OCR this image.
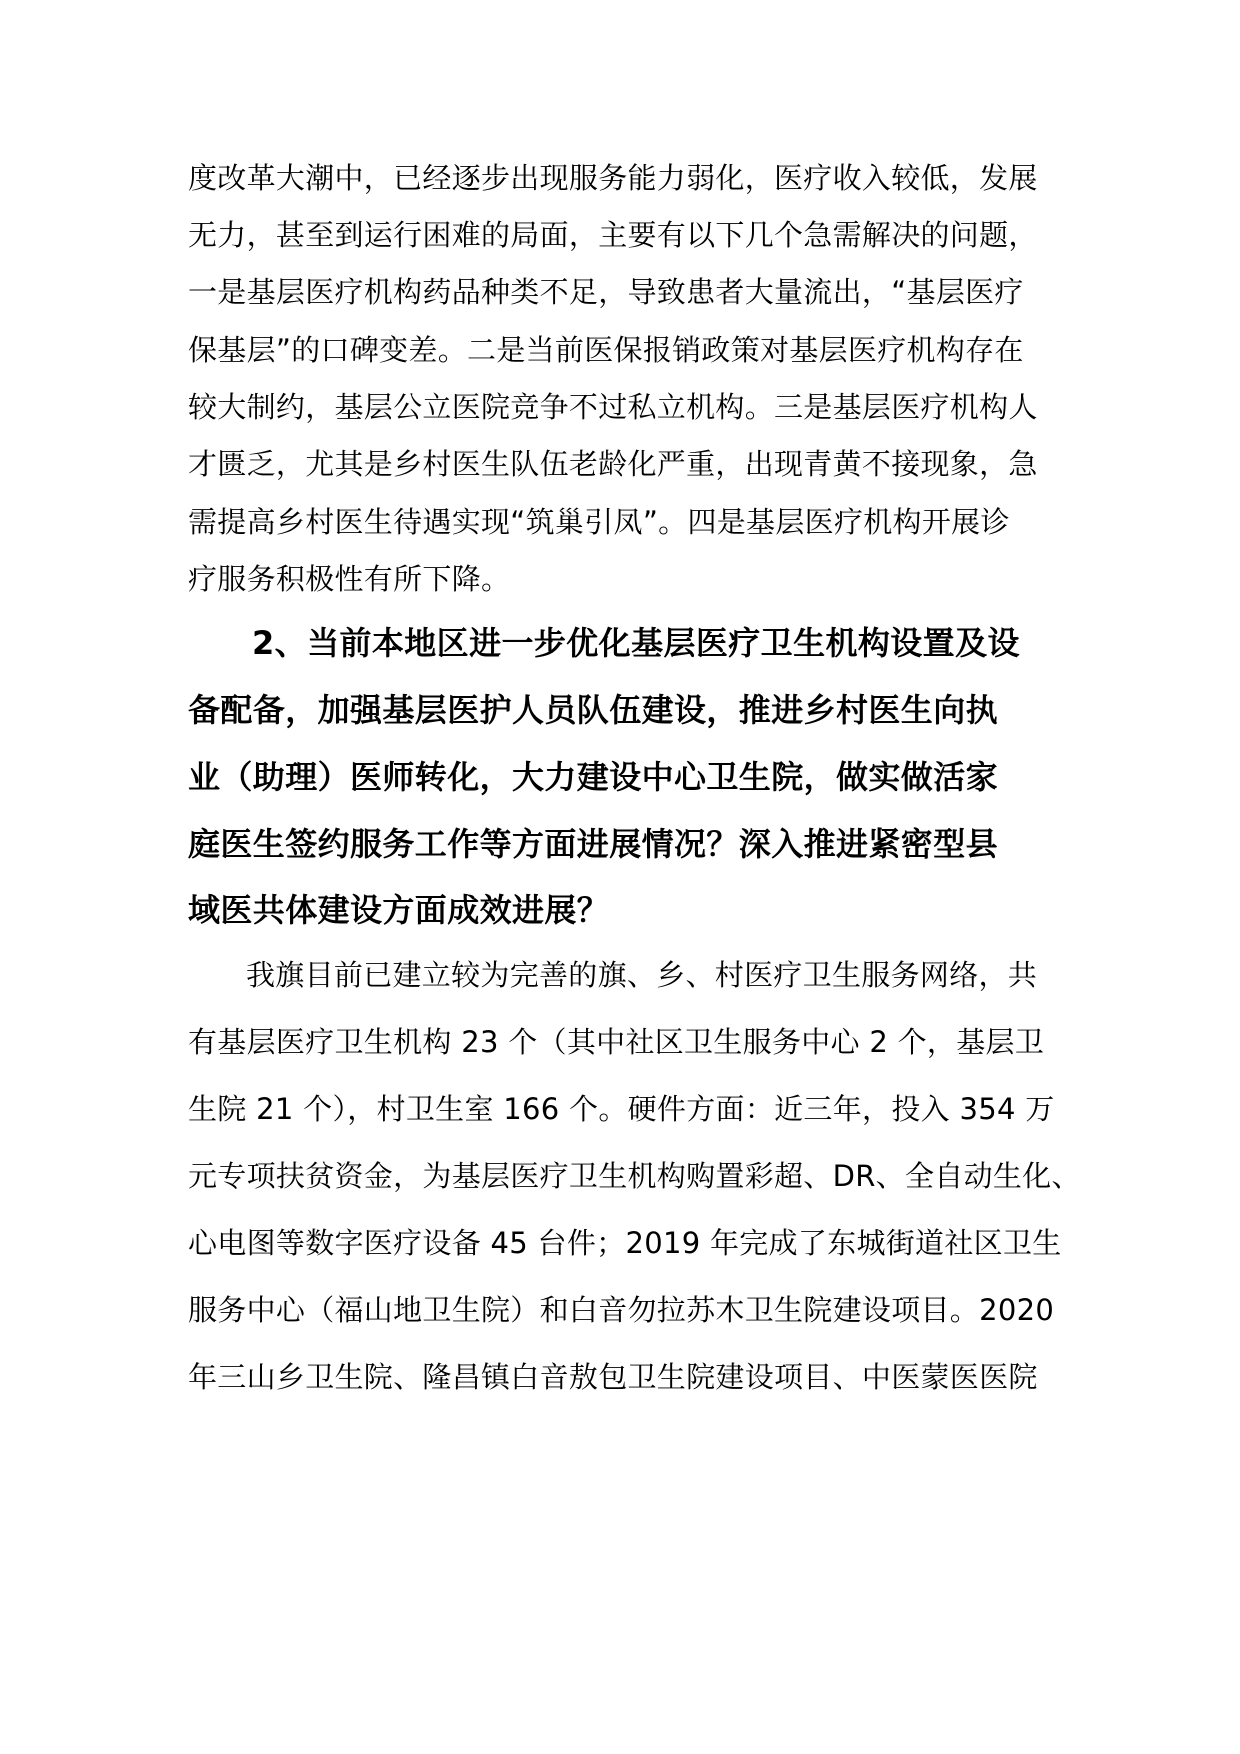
度改革大潮中，已经逐步出现服务能力弱化，医疗收入较低，发展
无力，甚至到运行困难的局面，主要有以下几个急需解决的问题，
一是基层医疗机构药品种类不足，导致患者大量流出，“基层医疗
保基层”的口碑变差。二是当前医保报销政策对基层医疗机构存在
较大制约，基层公立医院竞争不过私立机构。三是基层医疗机构人
才匮乏，尤其是乡村医生队伍老龄化严重，出现青黄不接现象，急
需提高乡村医生待遇实现“筑巢引凤”。四是基层医疗机构开展诊
疗服务积极性有所下降。
2、当前本地区进一步优化基层医疗卫生机构设置及设
备配备，加强基层医护人员队伍建设，推进乡村医生向执
业（助理）医师转化，大力建设中心卫生院，做实做活家
庭医生签约服务工作等方面进展情况？深入推进紧密型县
域医共体建设方面成效进展？
我旗目前已建立较为完善的旗、乡、村医疗卫生服务网络，共
有基层医疗卫生机构 23 个（其中社区卫生服务中心 2 个，基层卫
生院 21 个），村卫生室 166 个。硬件方面：近三年，投入 354 万
元专项扶贫资金，为基层医疗卫生机构购置彩超、DR、全自动生化、
心电图等数字医疗设备 45 台件；2019 年完成了东城街道社区卫生
服务中心（福山地卫生院）和白音勿拉苏木卫生院建设项目。2020
年三山乡卫生院、隆昌镇白音敖包卫生院建设项目、中医蒙医医院
